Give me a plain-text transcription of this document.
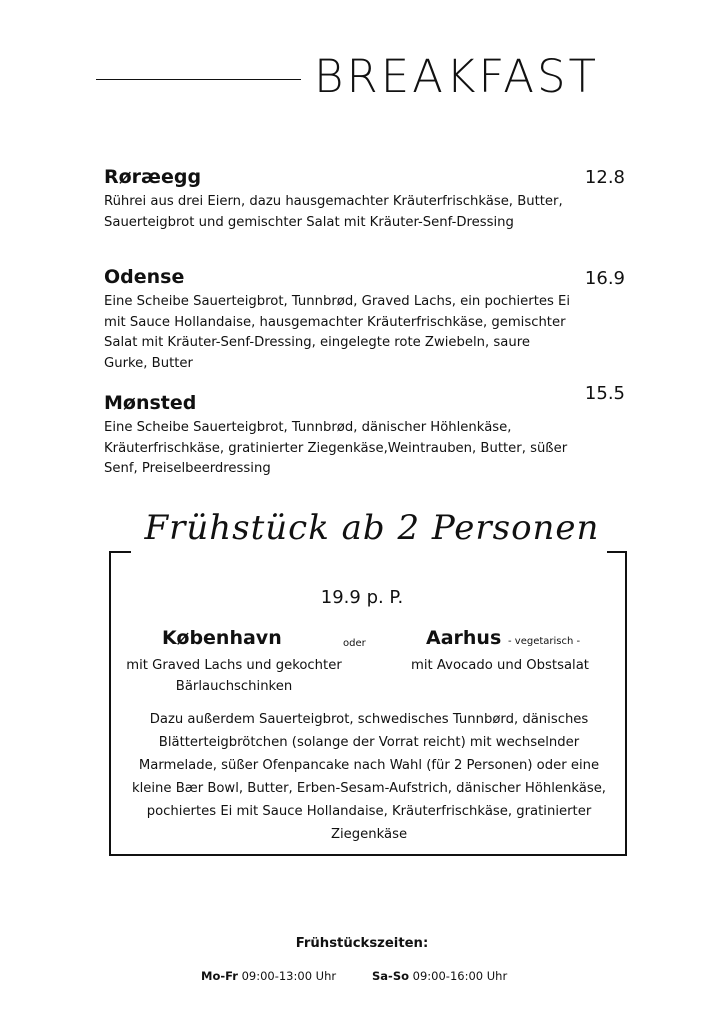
BREAKFAST
Røræegg
Rührei aus drei Eiern, dazu hausgemachter Kräuterfrischkäse, Butter, Sauerteigbrot und gemischter Salat mit Kräuter-Senf-Dressing
12.8
Odense
Eine Scheibe Sauerteigbrot, Tunnbrød, Graved Lachs, ein pochiertes Ei mit Sauce Hollandaise, hausgemachter Kräuterfrischkäse, gemischter Salat mit Kräuter-Senf-Dressing, eingelegte rote Zwiebeln, saure Gurke, Butter
16.9
Mønsted
Eine Scheibe Sauerteigbrot, Tunnbrød, dänischer Höhlenkäse, Kräuterfrischkäse, gratinierter Ziegenkäse,Weintrauben, Butter, süßer Senf, Preiselbeerdressing
15.5
Frühstück ab 2 Personen
19.9 p. P.
København	oder	Aarhus - vegetarisch -
mit Graved Lachs und gekochter Bärlauchschinken
mit Avocado und Obstsalat
Dazu außerdem Sauerteigbrot, schwedisches Tunnbørd, dänisches Blätterteigbrötchen (solange der Vorrat reicht) mit wechselnder Marmelade, süßer Ofenpancake nach Wahl (für 2 Personen) oder eine kleine Bær Bowl, Butter, Erben-Sesam-Aufstrich, dänischer Höhlenkäse, pochiertes Ei mit Sauce Hollandaise, Kräuterfrischkäse, gratinierter Ziegenkäse
Frühstückszeiten:
Mo-Fr 09:00-13:00 Uhr	Sa-So 09:00-16:00 Uhr
